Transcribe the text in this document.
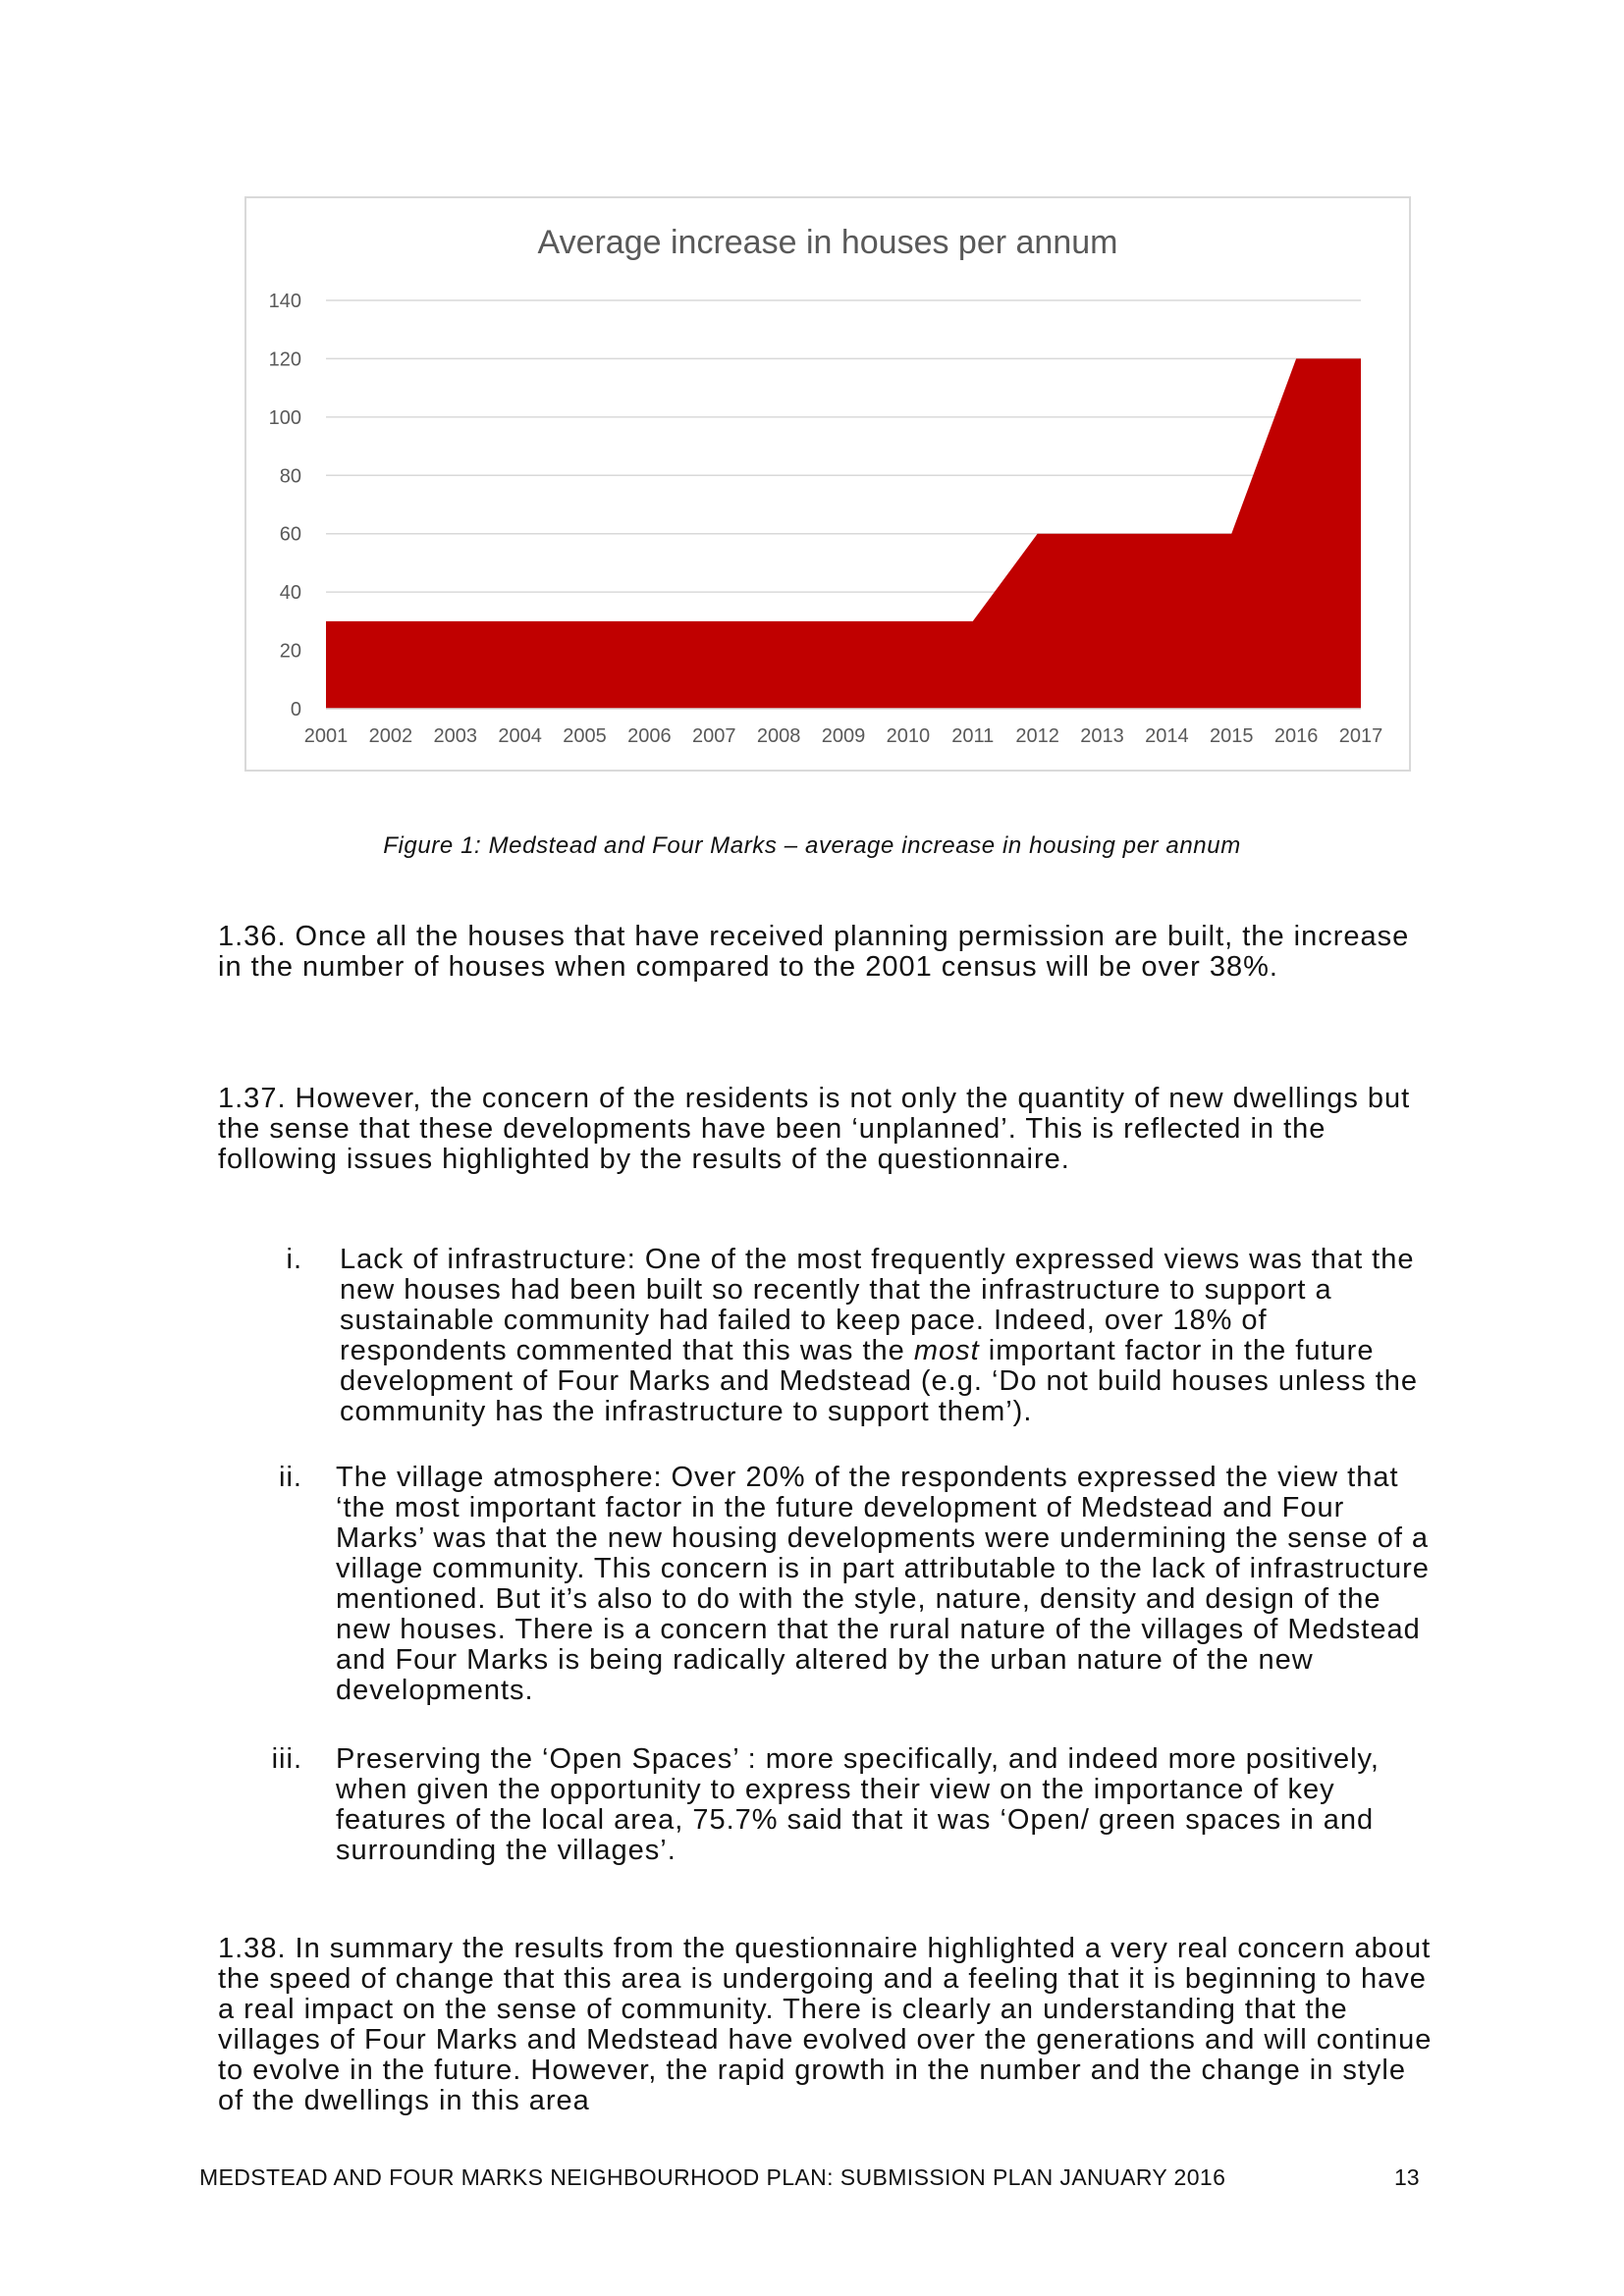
Average increase in houses per annum
0
20
40
60
80
100
120
140
2001 2002 2003 2004 2005 2006 2007 2008 2009 2010 2011 2012 2013 2014 2015 2016 2017
Figure 1: Medstead and Four Marks – average increase in housing per annum

1.36. Once all the houses that have received planning permission are built, the increase in the number of houses when compared to the 2001 census will be over 38%.

1.37. However, the concern of the residents is not only the quantity of new dwellings but the sense that these developments have been ‘unplanned’. This is reflected in the following issues highlighted by the results of the questionnaire.

i. Lack of infrastructure: One of the most frequently expressed views was that the new houses had been built so recently that the infrastructure to support a sustainable community had failed to keep pace. Indeed, over 18% of respondents commented that this was the most important factor in the future development of Four Marks and Medstead (e.g. ‘Do not build houses unless the community has the infrastructure to support them’).
ii. The village atmosphere: Over 20% of the respondents expressed the view that ‘the most important factor in the future development of Medstead and Four Marks’ was that the new housing developments were undermining the sense of a village community. This concern is in part attributable to the lack of infrastructure mentioned. But it’s also to do with the style, nature, density and design of the new houses. There is a concern that the rural nature of the villages of Medstead and Four Marks is being radically altered by the urban nature of the new developments.
iii. Preserving the ‘Open Spaces’ : more specifically, and indeed more positively, when given the opportunity to express their view on the importance of key features of the local area, 75.7% said that it was ‘Open/ green spaces in and surrounding the villages’.

1.38. In summary the results from the questionnaire highlighted a very real concern about the speed of change that this area is undergoing and a feeling that it is beginning to have a real impact on the sense of community. There is clearly an understanding that the villages of Four Marks and Medstead have evolved over the generations and will continue to evolve in the future. However, the rapid growth in the number and the change in style of the dwellings in this area

MEDSTEAD AND FOUR MARKS NEIGHBOURHOOD PLAN: SUBMISSION PLAN JANUARY 2016	13
